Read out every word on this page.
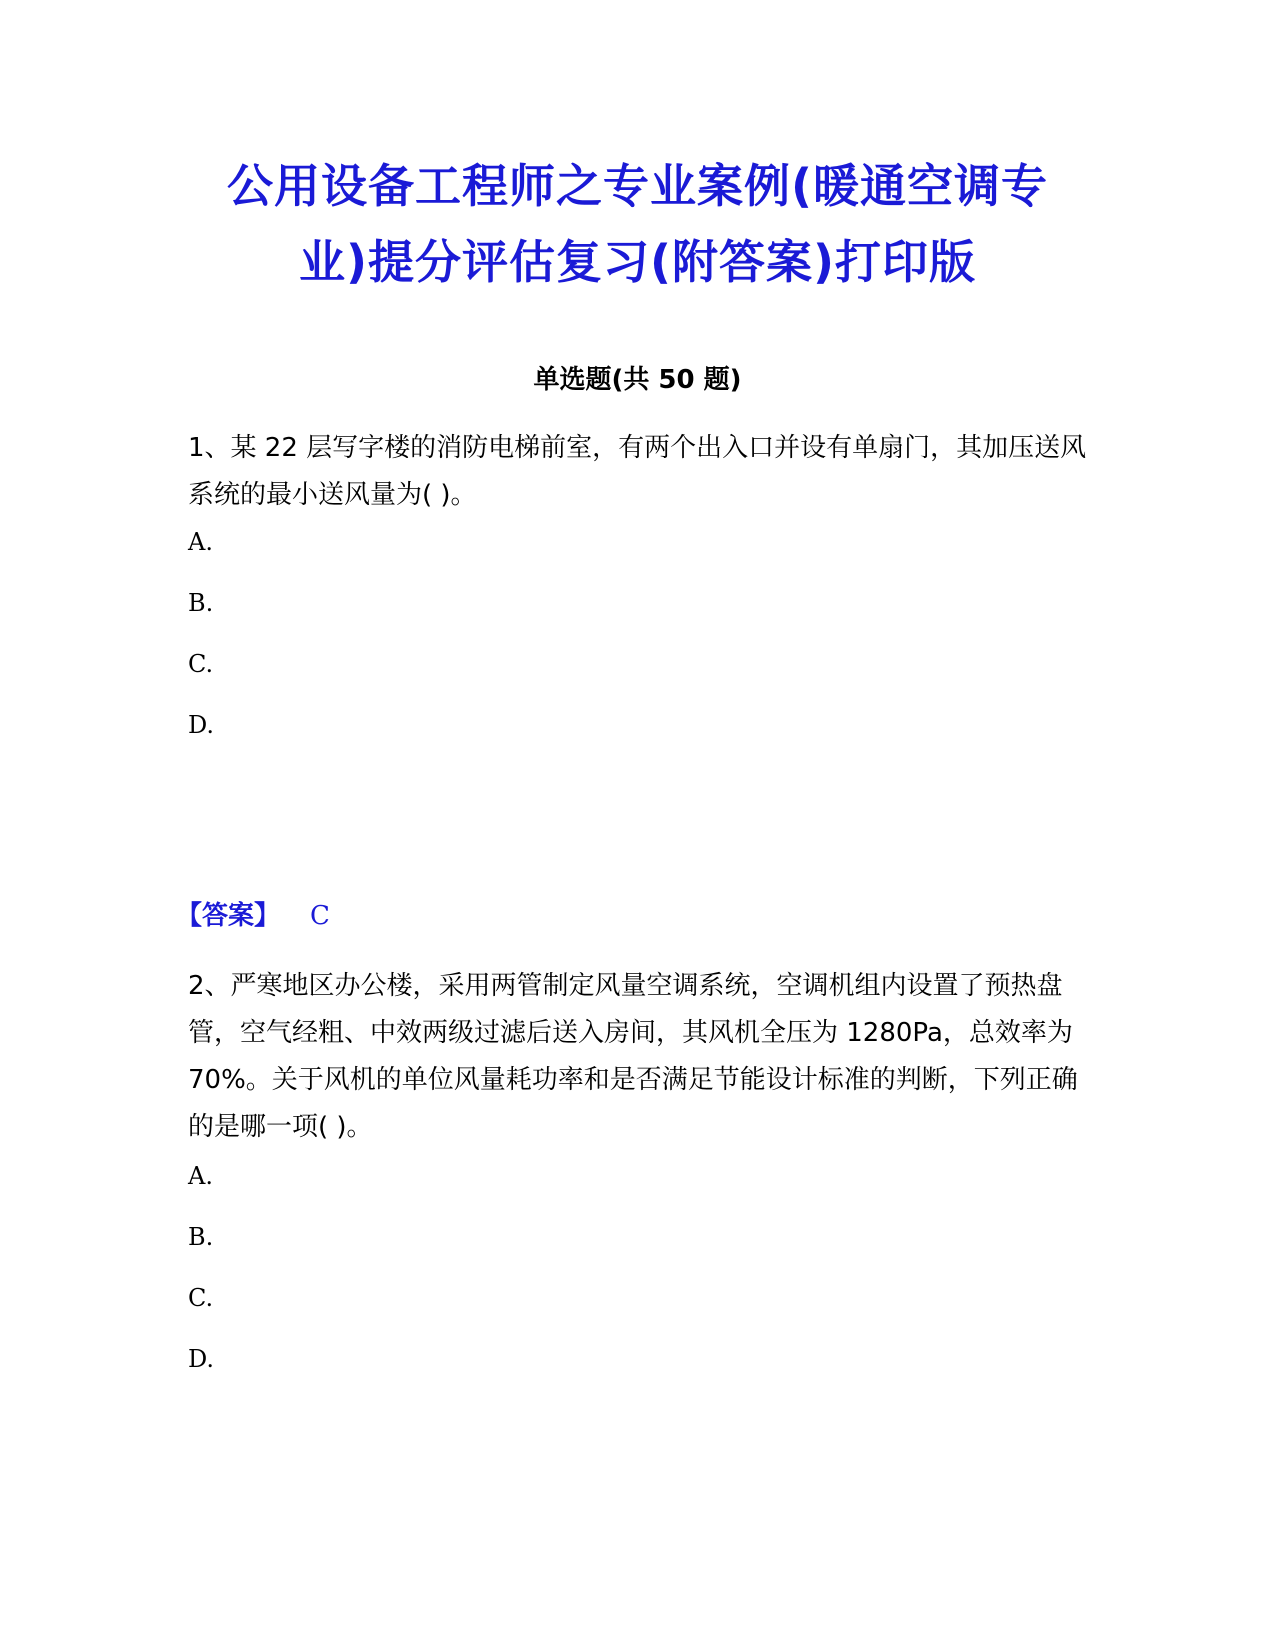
公用设备工程师之专业案例(暖通空调专
业)提分评估复习(附答案)打印版
单选题(共 50 题)

1、某 22 层写字楼的消防电梯前室，有两个出入口并设有单扇门，其加压送风系统的最小送风量为( )。

A.
B.
C.
D.
【答案】 C

2、严寒地区办公楼，采用两管制定风量空调系统，空调机组内设置了预热盘管，空气经粗、中效两级过滤后送入房间，其风机全压为 1280Pa，总效率为 70%。关于风机的单位风量耗功率和是否满足节能设计标准的判断，下列正确的是哪一项( )。

A.
B.
C.
D.
